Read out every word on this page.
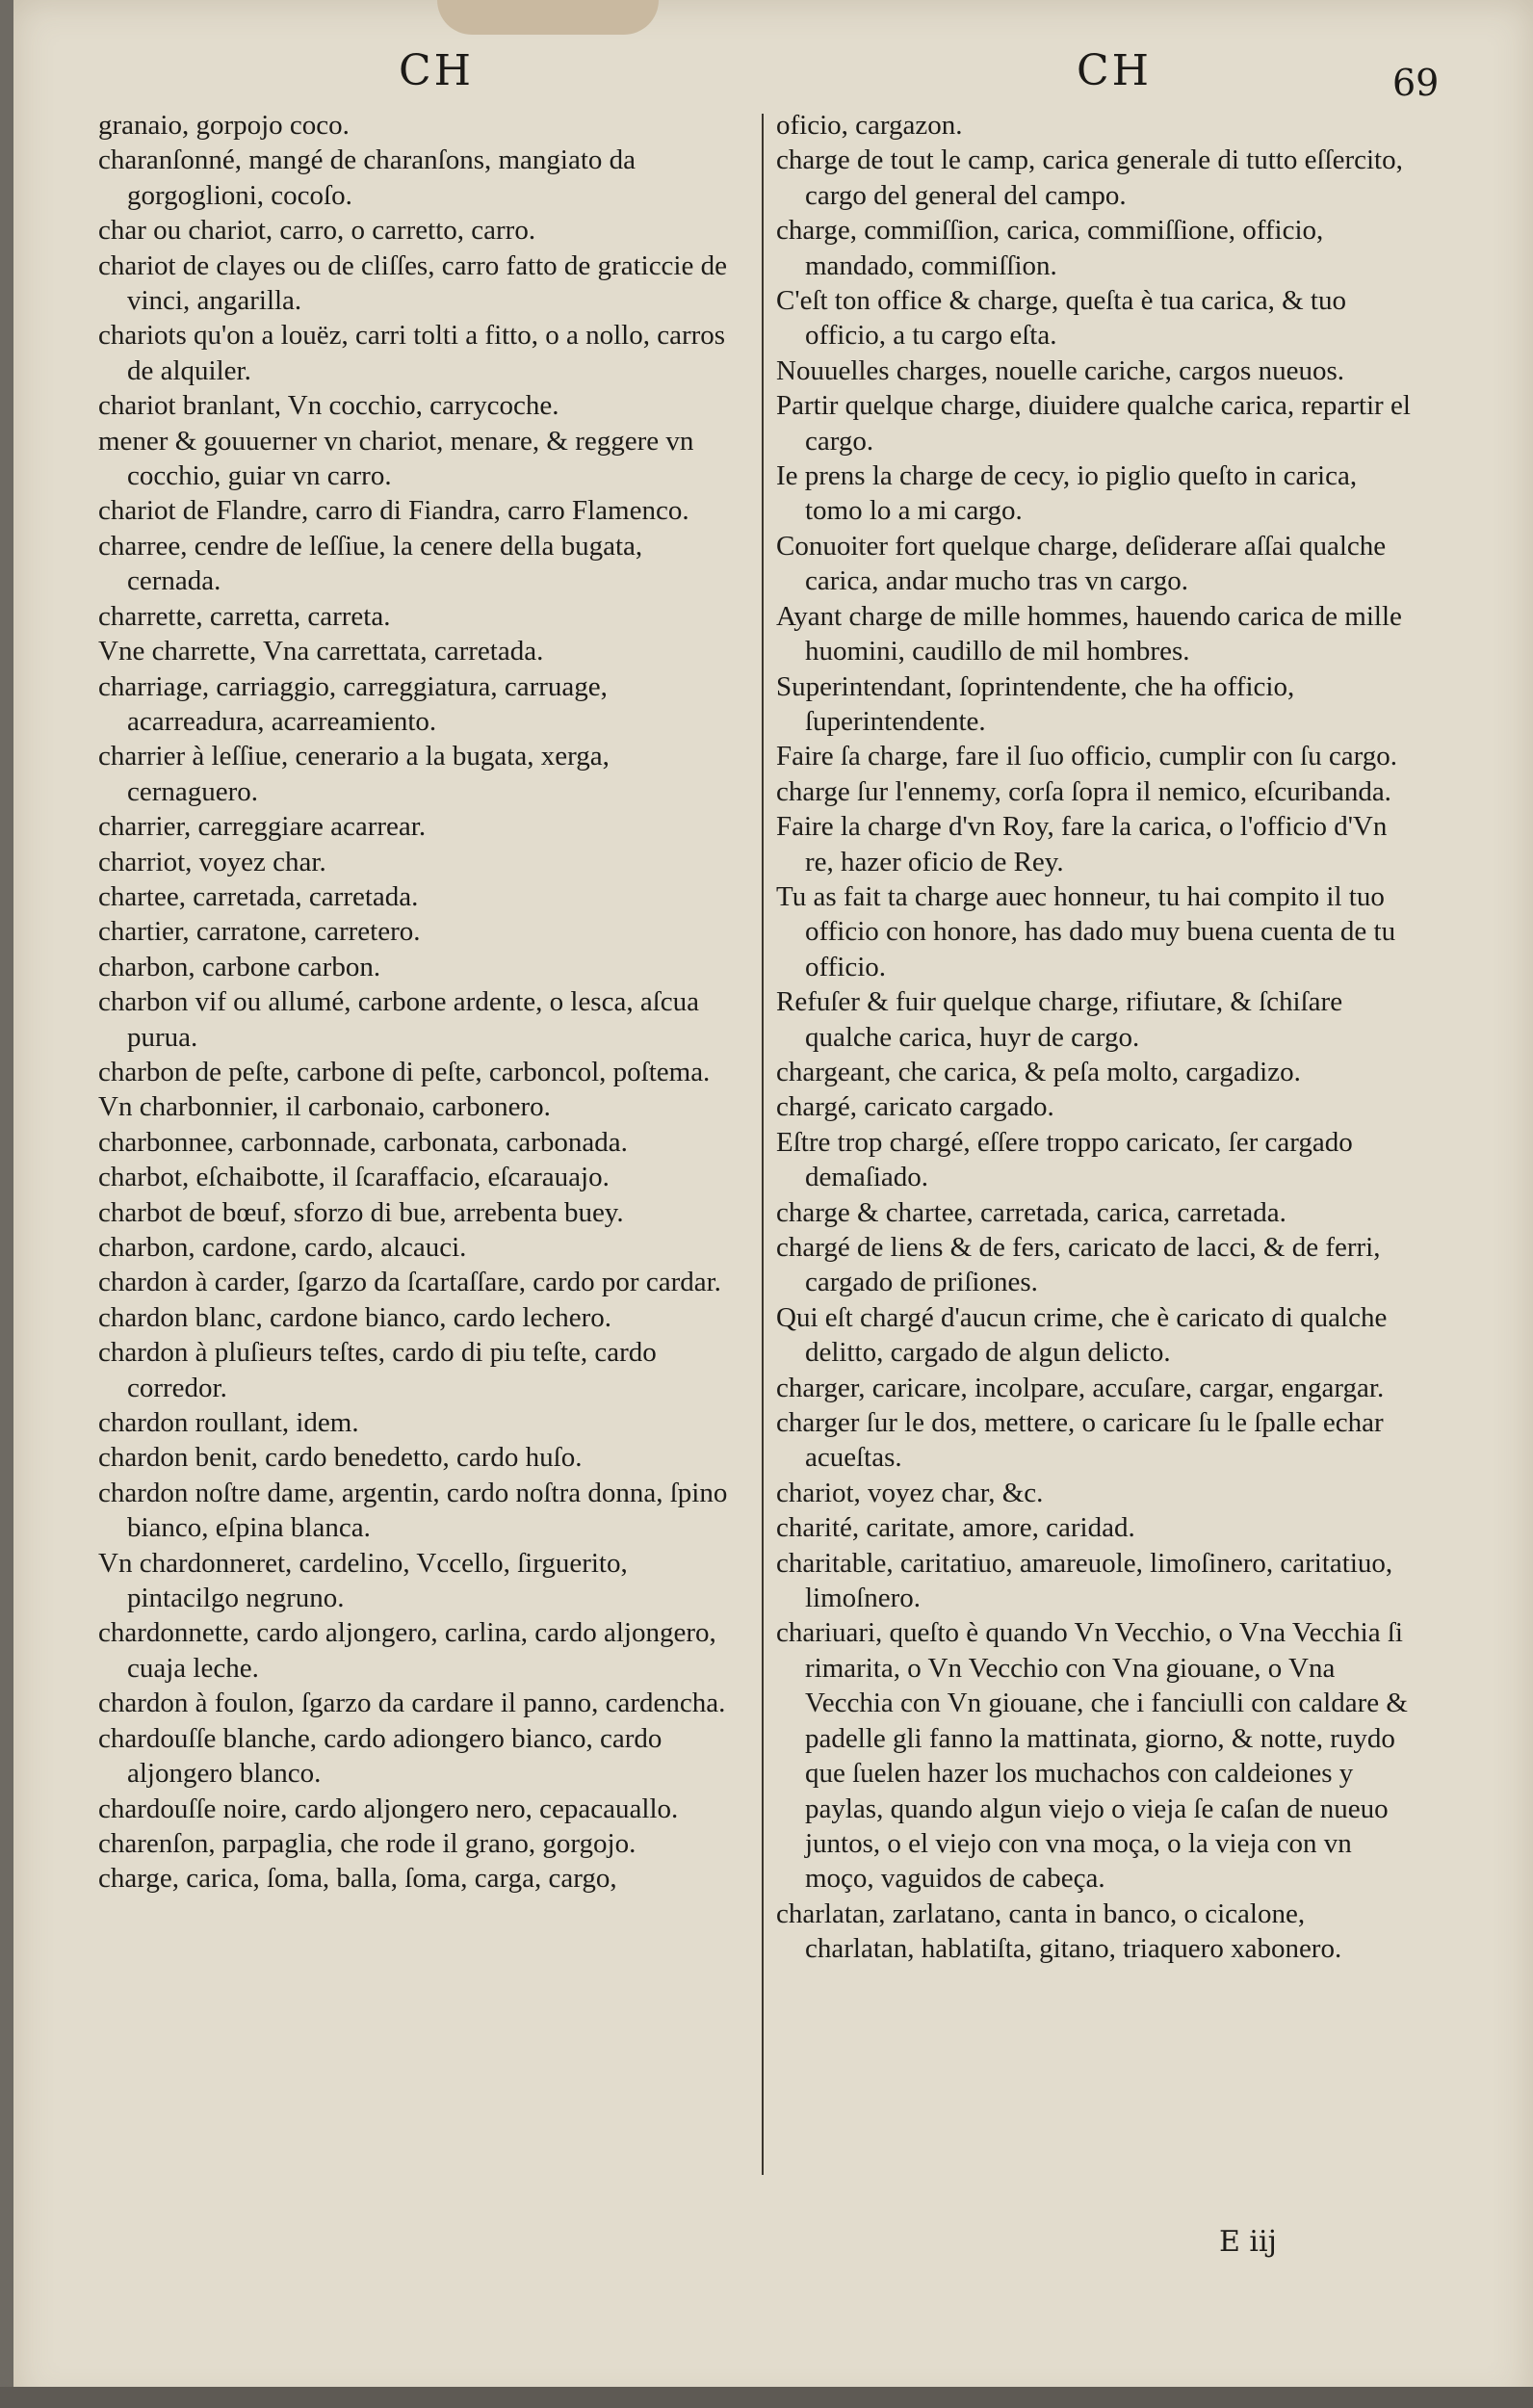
CH	CH	69
granaio, gorpojo coco.
charanſonné, mangé de charanſons, mangiato da gorgoglioni, cocoſo.
char ou chariot, carro, o carretto, carro.
chariot de clayes ou de cliſſes, carro fatto de graticcie de vinci, angarilla.
chariots qu'on a louëz, carri tolti a fitto, o a nollo, carros de alquiler.
chariot branlant, Vn cocchio, carrycoche.
mener & gouuerner vn chariot, menare, & reggere vn cocchio, guiar vn carro.
chariot de Flandre, carro di Fiandra, carro Flamenco.
charree, cendre de leſſiue, la cenere della bugata, cernada.
charrette, carretta, carreta.
Vne charrette, Vna carrettata, carretada.
charriage, carriaggio, carreggiatura, carruage, acarreadura, acarreamiento.
charrier à leſſiue, cenerario a la bugata, xerga, cernaguero.
charrier, carreggiare acarrear.
charriot, voyez char.
chartee, carretada, carretada.
chartier, carratone, carretero.
charbon, carbone carbon.
charbon vif ou allumé, carbone ardente, o lesca, aſcua purua.
charbon de peſte, carbone di peſte, carboncol, poſtema.
Vn charbonnier, il carbonaio, carbonero.
charbonnee, carbonnade, carbonata, carbonada.
charbot, eſchaibotte, il ſcaraffacio, eſcarauajo.
charbot de bœuf, sforzo di bue, arrebenta buey.
charbon, cardone, cardo, alcauci.
chardon à carder, ſgarzo da ſcartaſſare, cardo por cardar.
chardon blanc, cardone bianco, cardo lechero.
chardon à pluſieurs teſtes, cardo di piu teſte, cardo corredor.
chardon roullant, idem.
chardon benit, cardo benedetto, cardo huſo.
chardon noſtre dame, argentin, cardo noſtra donna, ſpino bianco, eſpina blanca.
Vn chardonneret, cardelino, Vccello, ſirguerito, pintacilgo negruno.
chardonnette, cardo aljongero, carlina, cardo aljongero, cuaja leche.
chardon à foulon, ſgarzo da cardare il panno, cardencha.
chardouſſe blanche, cardo adiongero bianco, cardo aljongero blanco.
chardouſſe noire, cardo aljongero nero, cepacauallo.
charenſon, parpaglia, che rode il grano, gorgojo.
charge, carica, ſoma, balla, ſoma, carga, cargo,
oficio, cargazon.
charge de tout le camp, carica generale di tutto eſſercito, cargo del general del campo.
charge, commiſſion, carica, commiſſione, officio, mandado, commiſſion.
C'eſt ton office & charge, queſta è tua carica, & tuo officio, a tu cargo eſta.
Nouuelles charges, nouelle cariche, cargos nueuos.
Partir quelque charge, diuidere qualche carica, repartir el cargo.
Ie prens la charge de cecy, io piglio queſto in carica, tomo lo a mi cargo.
Conuoiter fort quelque charge, deſiderare aſſai qualche carica, andar mucho tras vn cargo.
Ayant charge de mille hommes, hauendo carica de mille huomini, caudillo de mil hombres.
Superintendant, ſoprintendente, che ha officio, ſuperintendente.
Faire ſa charge, fare il ſuo officio, cumplir con ſu cargo.
charge ſur l'ennemy, corſa ſopra il nemico, eſcuribanda.
Faire la charge d'vn Roy, fare la carica, o l'officio d'Vn re, hazer oficio de Rey.
Tu as fait ta charge auec honneur, tu hai compito il tuo officio con honore, has dado muy buena cuenta de tu officio.
Refuſer & fuir quelque charge, rifiutare, & ſchiſare qualche carica, huyr de cargo.
chargeant, che carica, & peſa molto, cargadizo.
chargé, caricato cargado.
Eſtre trop chargé, eſſere troppo caricato, ſer cargado demaſiado.
charge & chartee, carretada, carica, carretada.
chargé de liens & de fers, caricato de lacci, & de ferri, cargado de priſiones.
Qui eſt chargé d'aucun crime, che è caricato di qualche delitto, cargado de algun delicto.
charger, caricare, incolpare, accuſare, cargar, engargar.
charger ſur le dos, mettere, o caricare ſu le ſpalle echar acueſtas.
chariot, voyez char, &c.
charité, caritate, amore, caridad.
charitable, caritatiuo, amareuole, limoſinero, caritatiuo, limoſnero.
chariuari, queſto è quando Vn Vecchio, o Vna Vecchia ſi rimarita, o Vn Vecchio con Vna giouane, o Vna Vecchia con Vn giouane, che i fanciulli con caldare & padelle gli fanno la mattinata, giorno, & notte, ruydo que ſuelen hazer los muchachos con caldeiones y paylas, quando algun viejo o vieja ſe caſan de nueuo juntos, o el viejo con vna moça, o la vieja con vn moço, vaguidos de cabeça.
charlatan, zarlatano, canta in banco, o cicalone, charlatan, hablatiſta, gitano, triaquero xabonero.
E iij
